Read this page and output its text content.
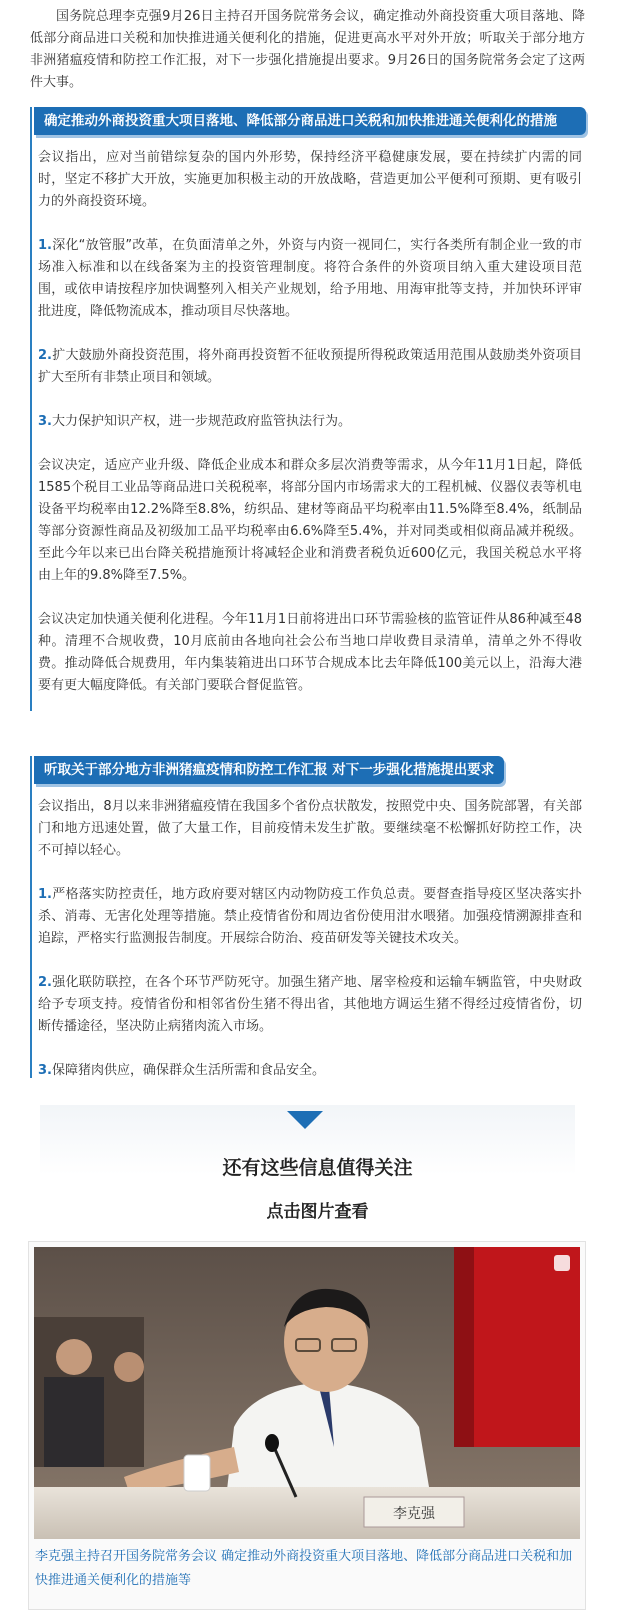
国务院总理李克强9月26日主持召开国务院常务会议，确定推动外商投资重大项目落地、降低部分商品进口关税和加快推进通关便利化的措施，促进更高水平对外开放；听取关于部分地方非洲猪瘟疫情和防控工作汇报，对下一步强化措施提出要求。9月26日的国务院常务会定了这两件大事。
确定推动外商投资重大项目落地、降低部分商品进口关税和加快推进通关便利化的措施

会议指出，应对当前错综复杂的国内外形势，保持经济平稳健康发展，要在持续扩内需的同时，坚定不移扩大开放，实施更加积极主动的开放战略，营造更加公平便利可预期、更有吸引力的外商投资环境。

1.深化“放管服”改革，在负面清单之外，外资与内资一视同仁，实行各类所有制企业一致的市场准入标准和以在线备案为主的投资管理制度。将符合条件的外资项目纳入重大建设项目范围，或依申请按程序加快调整列入相关产业规划，给予用地、用海审批等支持，并加快环评审批进度，降低物流成本，推动项目尽快落地。

2.扩大鼓励外商投资范围，将外商再投资暂不征收预提所得税政策适用范围从鼓励类外资项目扩大至所有非禁止项目和领域。

3.大力保护知识产权，进一步规范政府监管执法行为。

会议决定，适应产业升级、降低企业成本和群众多层次消费等需求，从今年11月1日起，降低1585个税目工业品等商品进口关税税率，将部分国内市场需求大的工程机械、仪器仪表等机电设备平均税率由12.2%降至8.8%，纺织品、建材等商品平均税率由11.5%降至8.4%，纸制品等部分资源性商品及初级加工品平均税率由6.6%降至5.4%，并对同类或相似商品减并税级。至此今年以来已出台降关税措施预计将减轻企业和消费者税负近600亿元，我国关税总水平将由上年的9.8%降至7.5%。

会议决定加快通关便利化进程。今年11月1日前将进出口环节需验核的监管证件从86种减至48种。清理不合规收费，10月底前由各地向社会公布当地口岸收费目录清单，清单之外不得收费。推动降低合规费用，年内集装箱进出口环节合规成本比去年降低100美元以上，沿海大港要有更大幅度降低。有关部门要联合督促监管。

听取关于部分地方非洲猪瘟疫情和防控工作汇报 对下一步强化措施提出要求

会议指出，8月以来非洲猪瘟疫情在我国多个省份点状散发，按照党中央、国务院部署，有关部门和地方迅速处置，做了大量工作，目前疫情未发生扩散。要继续毫不松懈抓好防控工作，决不可掉以轻心。

1.严格落实防控责任，地方政府要对辖区内动物防疫工作负总责。要督查指导疫区坚决落实扑杀、消毒、无害化处理等措施。禁止疫情省份和周边省份使用泔水喂猪。加强疫情溯源排查和追踪，严格实行监测报告制度。开展综合防治、疫苗研发等关键技术攻关。

2.强化联防联控，在各个环节严防死守。加强生猪产地、屠宰检疫和运输车辆监管，中央财政给予专项支持。疫情省份和相邻省份生猪不得出省，其他地方调运生猪不得经过疫情省份，切断传播途径，坚决防止病猪肉流入市场。

3.保障猪肉供应，确保群众生活所需和食品安全。

还有这些信息值得关注
点击图片查看
李克强
李克强主持召开国务院常务会议 确定推动外商投资重大项目落地、降低部分商品进口关税和加快推进通关便利化的措施等
